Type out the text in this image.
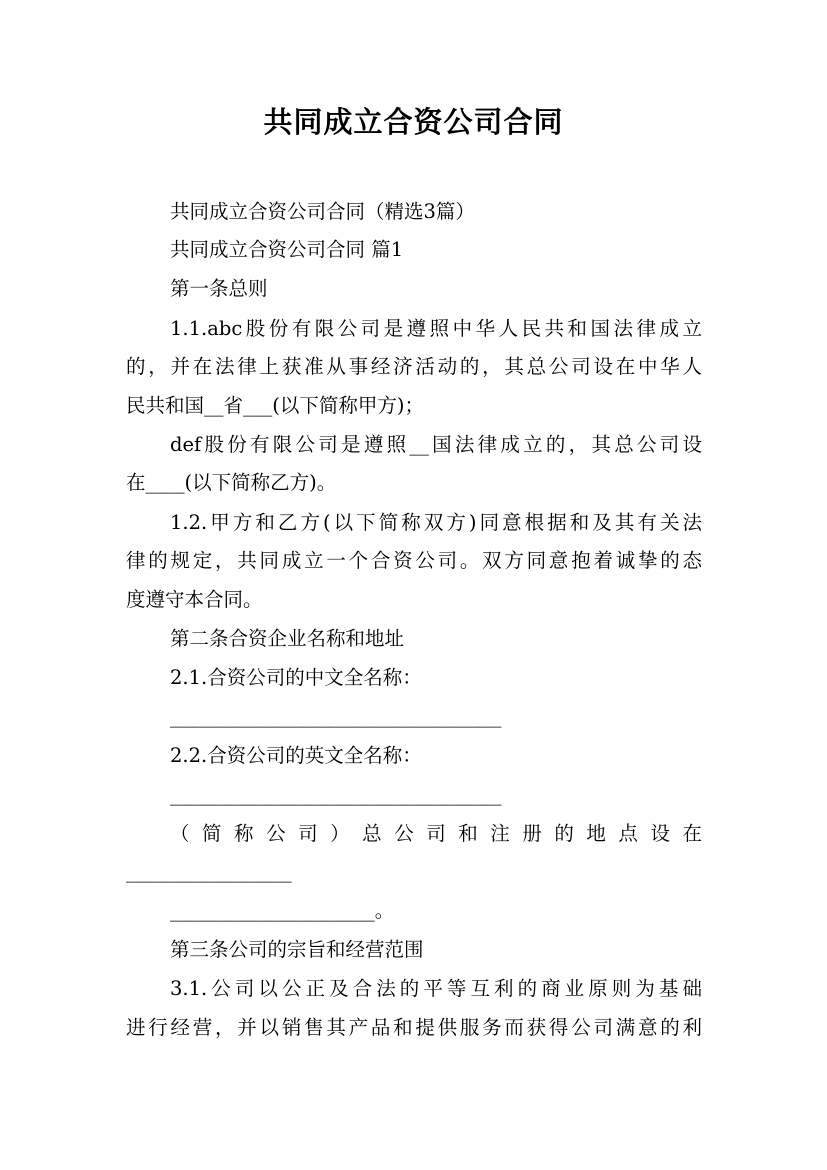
共同成立合资公司合同
共同成立合资公司合同（精选3篇）
共同成立合资公司合同 篇1
第一条总则
1.1.abc股份有限公司是遵照中华人民共和国法律成立
的，并在法律上获准从事经济活动的，其总公司设在中华人
民共和国__省___(以下简称甲方)；
def股份有限公司是遵照__国法律成立的，其总公司设
在____(以下简称乙方)。
1.2.甲方和乙方(以下简称双方)同意根据和及其有关法
律的规定，共同成立一个合资公司。双方同意抱着诚挚的态
度遵守本合同。
第二条合资企业名称和地址
2.1.合资公司的中文全名称：
__________________________________
2.2.合资公司的英文全名称：
__________________________________
（简称公司）总公司和注册的地点设在
_________________
_____________________。
第三条公司的宗旨和经营范围
3.1.公司以公正及合法的平等互利的商业原则为基础
进行经营，并以销售其产品和提供服务而获得公司满意的利
